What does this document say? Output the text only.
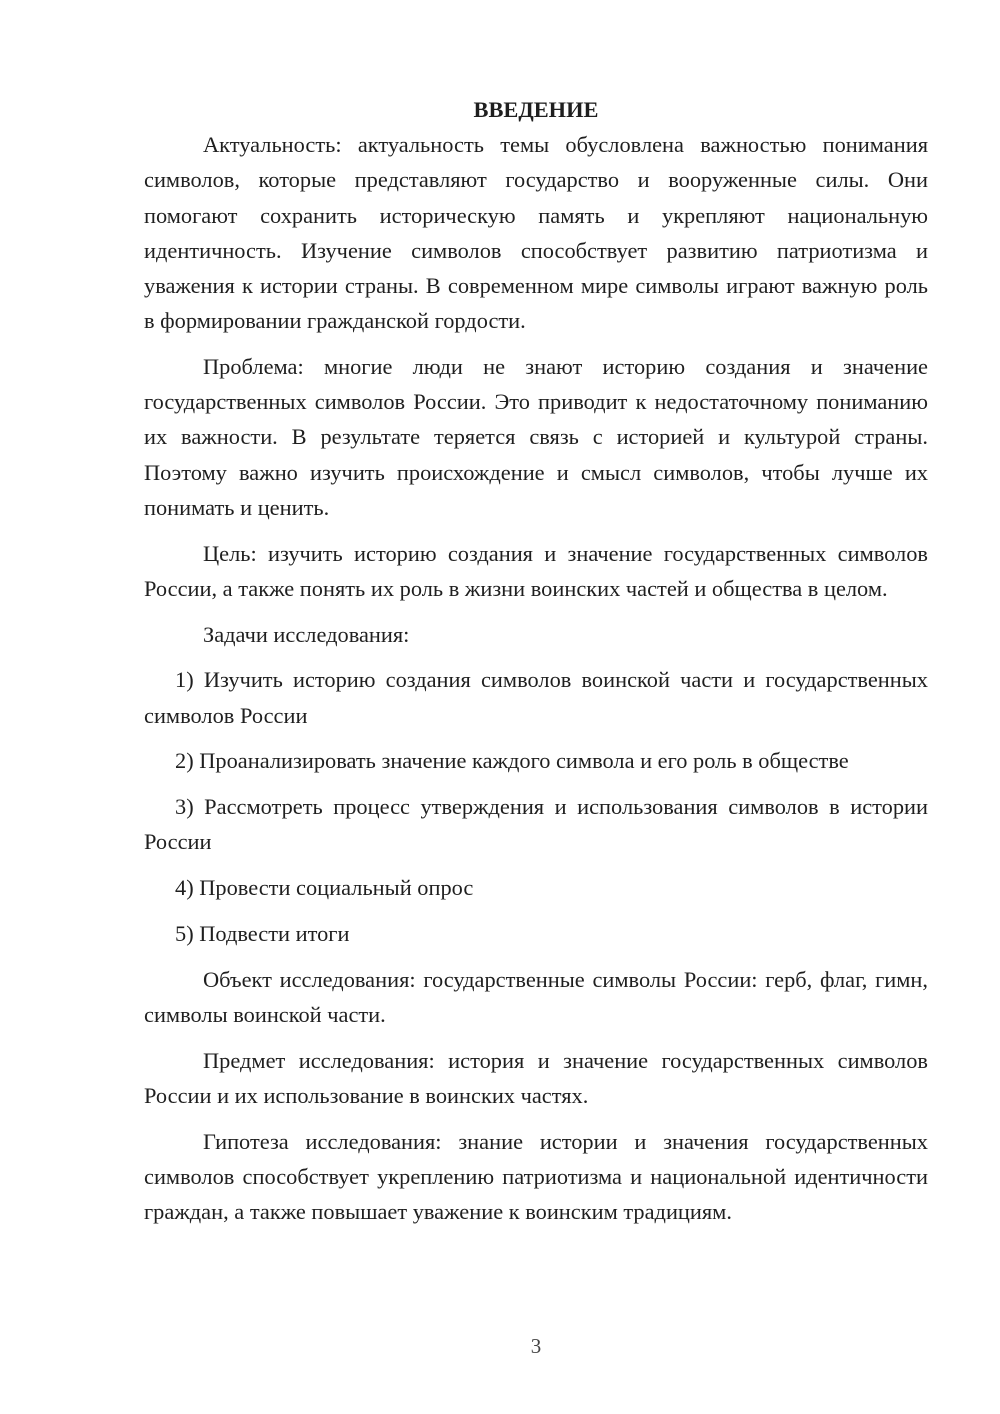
ВВЕДЕНИЕ

Актуальность: актуальность темы обусловлена важностью понимания символов, которые представляют государство и вооруженные силы. Они помогают сохранить историческую память и укрепляют национальную идентичность. Изучение символов способствует развитию патриотизма и уважения к истории страны. В современном мире символы играют важную роль в формировании гражданской гордости.

Проблема: многие люди не знают историю создания и значение государственных символов России. Это приводит к недостаточному пониманию их важности. В результате теряется связь с историей и культурой страны. Поэтому важно изучить происхождение и смысл символов, чтобы лучше их понимать и ценить.

Цель: изучить историю создания и значение государственных символов России, а также понять их роль в жизни воинских частей и общества в целом.

Задачи исследования:

1) Изучить историю создания символов воинской части и государственных символов России

2) Проанализировать значение каждого символа и его роль в обществе

3) Рассмотреть процесс утверждения и использования символов в истории России

4) Провести социальный опрос

5) Подвести итоги

Объект исследования: государственные символы России: герб, флаг, гимн, символы воинской части.

Предмет исследования: история и значение государственных символов России и их использование в воинских частях.

Гипотеза исследования: знание истории и значения государственных символов способствует укреплению патриотизма и национальной идентичности граждан, а также повышает уважение к воинским традициям.

3
